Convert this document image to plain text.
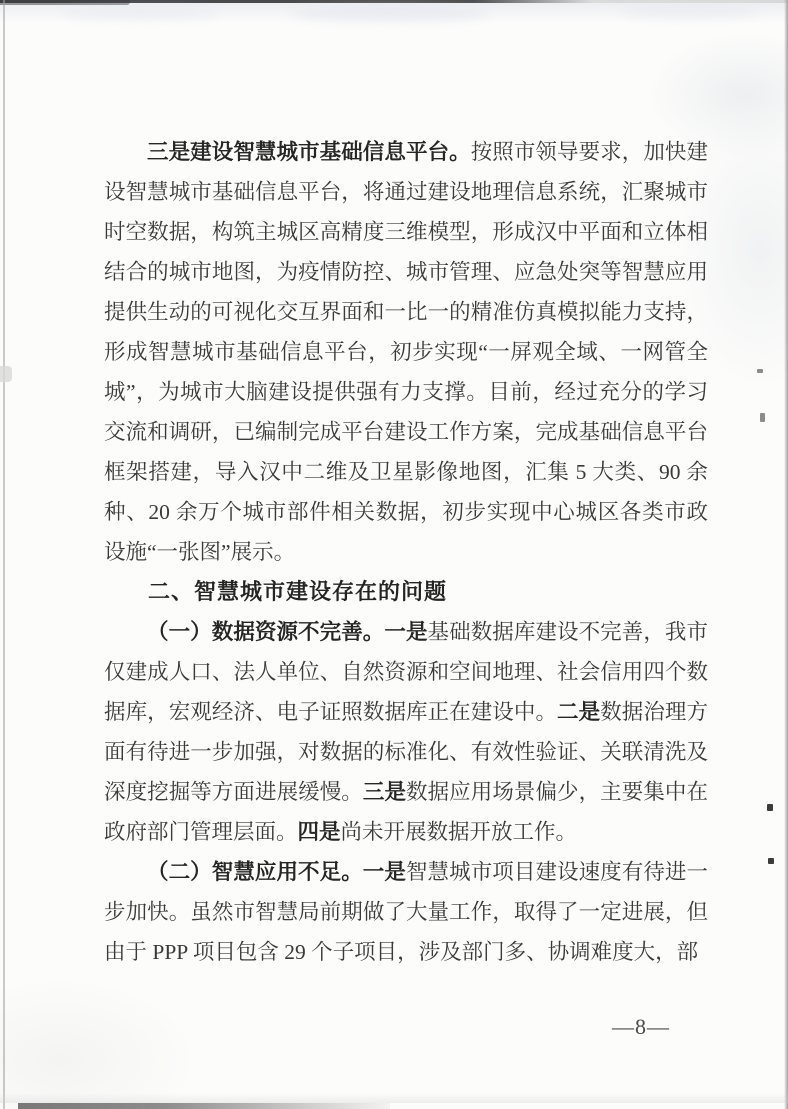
三是建设智慧城市基础信息平台。按照市领导要求，加快建设智慧城市基础信息平台，将通过建设地理信息系统，汇聚城市时空数据，构筑主城区高精度三维模型，形成汉中平面和立体相结合的城市地图，为疫情防控、城市管理、应急处突等智慧应用提供生动的可视化交互界面和一比一的精准仿真模拟能力支持，形成智慧城市基础信息平台，初步实现“一屏观全域、一网管全城”，为城市大脑建设提供强有力支撑。目前，经过充分的学习交流和调研，已编制完成平台建设工作方案，完成基础信息平台框架搭建，导入汉中二维及卫星影像地图，汇集 5 大类、90 余种、20 余万个城市部件相关数据，初步实现中心城区各类市政设施“一张图”展示。

二、智慧城市建设存在的问题

（一）数据资源不完善。一是基础数据库建设不完善，我市仅建成人口、法人单位、自然资源和空间地理、社会信用四个数据库，宏观经济、电子证照数据库正在建设中。二是数据治理方面有待进一步加强，对数据的标准化、有效性验证、关联清洗及深度挖掘等方面进展缓慢。三是数据应用场景偏少，主要集中在政府部门管理层面。四是尚未开展数据开放工作。

（二）智慧应用不足。一是智慧城市项目建设速度有待进一步加快。虽然市智慧局前期做了大量工作，取得了一定进展，但由于 PPP 项目包含 29 个子项目，涉及部门多、协调难度大，部

—8—
